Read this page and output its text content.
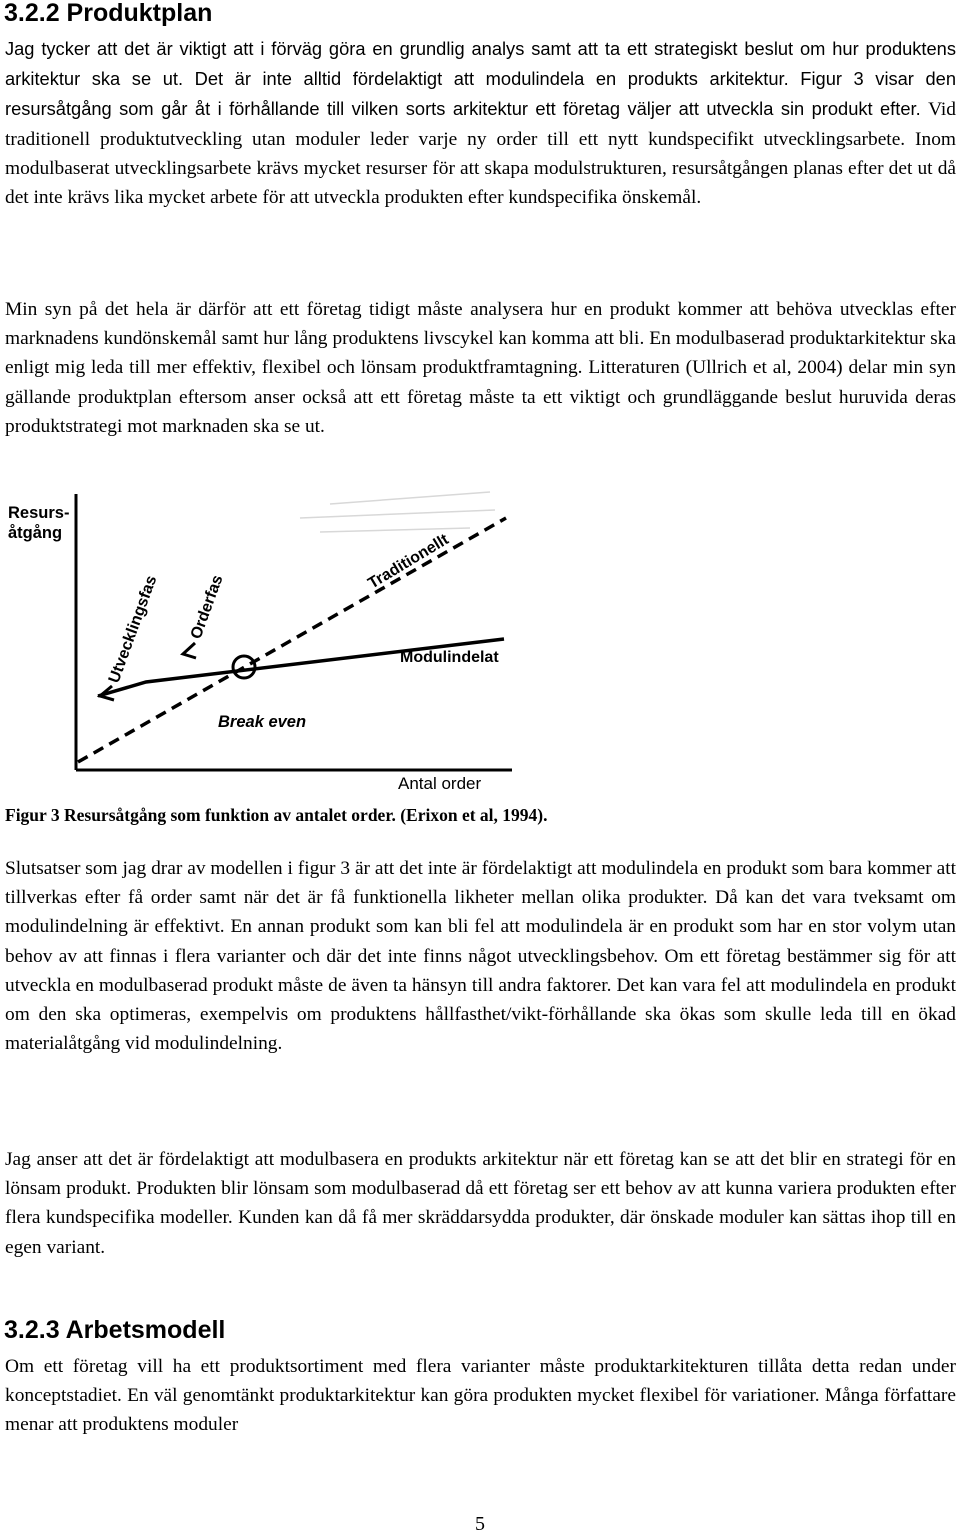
3.2.2 Produktplan

Jag tycker att det är viktigt att i förväg göra en grundlig analys samt att ta ett strategiskt beslut om hur produktens arkitektur ska se ut. Det är inte alltid fördelaktigt att modulindela en produkts arkitektur. Figur 3 visar den resursåtgång som går åt i förhållande till vilken sorts arkitektur ett företag väljer att utveckla sin produkt efter. Vid traditionell produktutveckling utan moduler leder varje ny order till ett nytt kundspecifikt utvecklingsarbete. Inom modulbaserat utvecklingsarbete krävs mycket resurser för att skapa modulstrukturen, resursåtgången planas efter det ut då det inte krävs lika mycket arbete för att utveckla produkten efter kundspecifika önskemål.

Min syn på det hela är därför att ett företag tidigt måste analysera hur en produkt kommer att behöva utvecklas efter marknadens kundönskemål samt hur lång produktens livscykel kan komma att bli. En modulbaserad produktarkitektur ska enligt mig leda till mer effektiv, flexibel och lönsam produktframtagning. Litteraturen (Ullrich et al, 2004) delar min syn gällande produktplan eftersom anser också att ett företag måste ta ett viktigt och grundläggande beslut huruvida deras produktstrategi mot marknaden ska se ut.

Resurs-
åtgång
Antal order
Utvecklingsfas Orderfas
Traditionellt
Modulindelat
Break even
Figur 3 Resursåtgång som funktion av antalet order. (Erixon et al, 1994).

Slutsatser som jag drar av modellen i figur 3 är att det inte är fördelaktigt att modulindela en produkt som bara kommer att tillverkas efter få order samt när det är få funktionella likheter mellan olika produkter. Då kan det vara tveksamt om modulindelning är effektivt. En annan produkt som kan bli fel att modulindela är en produkt som har en stor volym utan behov av att finnas i flera varianter och där det inte finns något utvecklingsbehov. Om ett företag bestämmer sig för att utveckla en modulbaserad produkt måste de även ta hänsyn till andra faktorer. Det kan vara fel att modulindela en produkt om den ska optimeras, exempelvis om produktens hållfasthet/vikt-förhållande ska ökas som skulle leda till en ökad materialåtgång vid modulindelning.

Jag anser att det är fördelaktigt att modulbasera en produkts arkitektur när ett företag kan se att det blir en strategi för en lönsam produkt. Produkten blir lönsam som modulbaserad då ett företag ser ett behov av att kunna variera produkten efter flera kundspecifika modeller. Kunden kan då få mer skräddarsydda produkter, där önskade moduler kan sättas ihop till en egen variant.

3.2.3 Arbetsmodell

Om ett företag vill ha ett produktsortiment med flera varianter måste produktarkitekturen tillåta detta redan under konceptstadiet. En väl genomtänkt produktarkitektur kan göra produkten mycket flexibel för variationer. Många författare menar att produktens moduler

5
